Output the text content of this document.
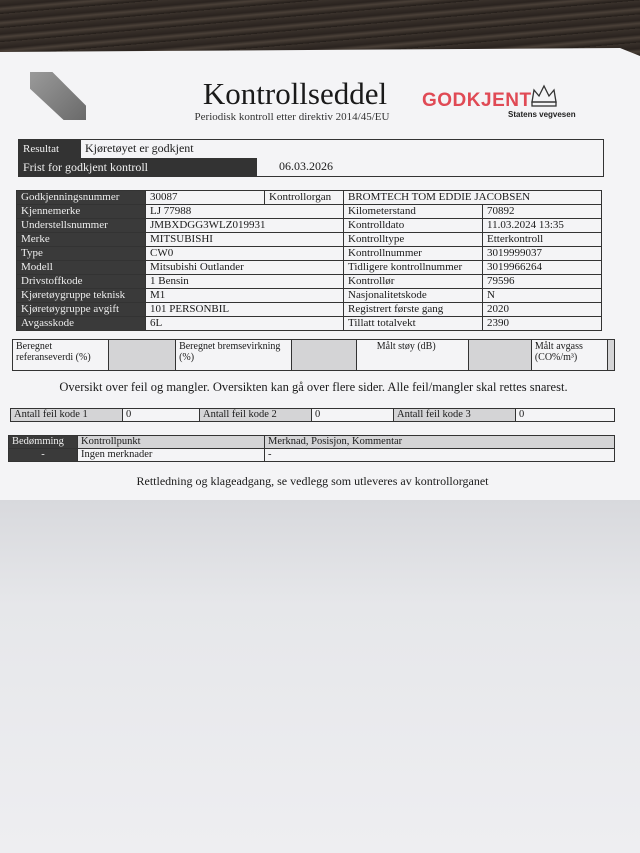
Kontrollseddel
Periodisk kontroll etter direktiv 2014/45/EU
GODKJENT
Statens vegvesen
Resultat	Kjøretøyet er godkjent
Frist for godkjent kontroll	06.03.2026
Godkjenningsnummer	30087	Kontrollorgan	BROMTECH TOM EDDIE JACOBSEN	
Kjennemerke	LJ 77988		Kilometerstand	70892
Understellsnummer	JMBXDGG3WLZ019931		Kontrolldato	11.03.2024 13:35
Merke	MITSUBISHI		Kontrolltype	Etterkontroll
Type	CW0		Kontrollnummer	3019999037
Modell	Mitsubishi Outlander		Tidligere kontrollnummer	3019966264
Drivstoffkode	1 Bensin		Kontrollør	79596
Kjøretøygruppe teknisk	M1		Nasjonalitetskode	N
Kjøretøygruppe avgift	101 PERSONBIL		Registrert første gang	2020
Avgasskode	6L		Tillatt totalvekt	2390
Beregnet referanseverdi (%)		Beregnet bremsevirkning (%)		Målt støy (dB)		Målt avgass (CO%/m³)	
Oversikt over feil og mangler. Oversikten kan gå over flere sider. Alle feil/mangler skal rettes snarest.
Antall feil kode 1	0	Antall feil kode 2	0	Antall feil kode 3	0
Bedømming	Kontrollpunkt	Merknad, Posisjon, Kommentar
-	Ingen merknader	-
Rettledning og klageadgang, se vedlegg som utleveres av kontrollorganet
